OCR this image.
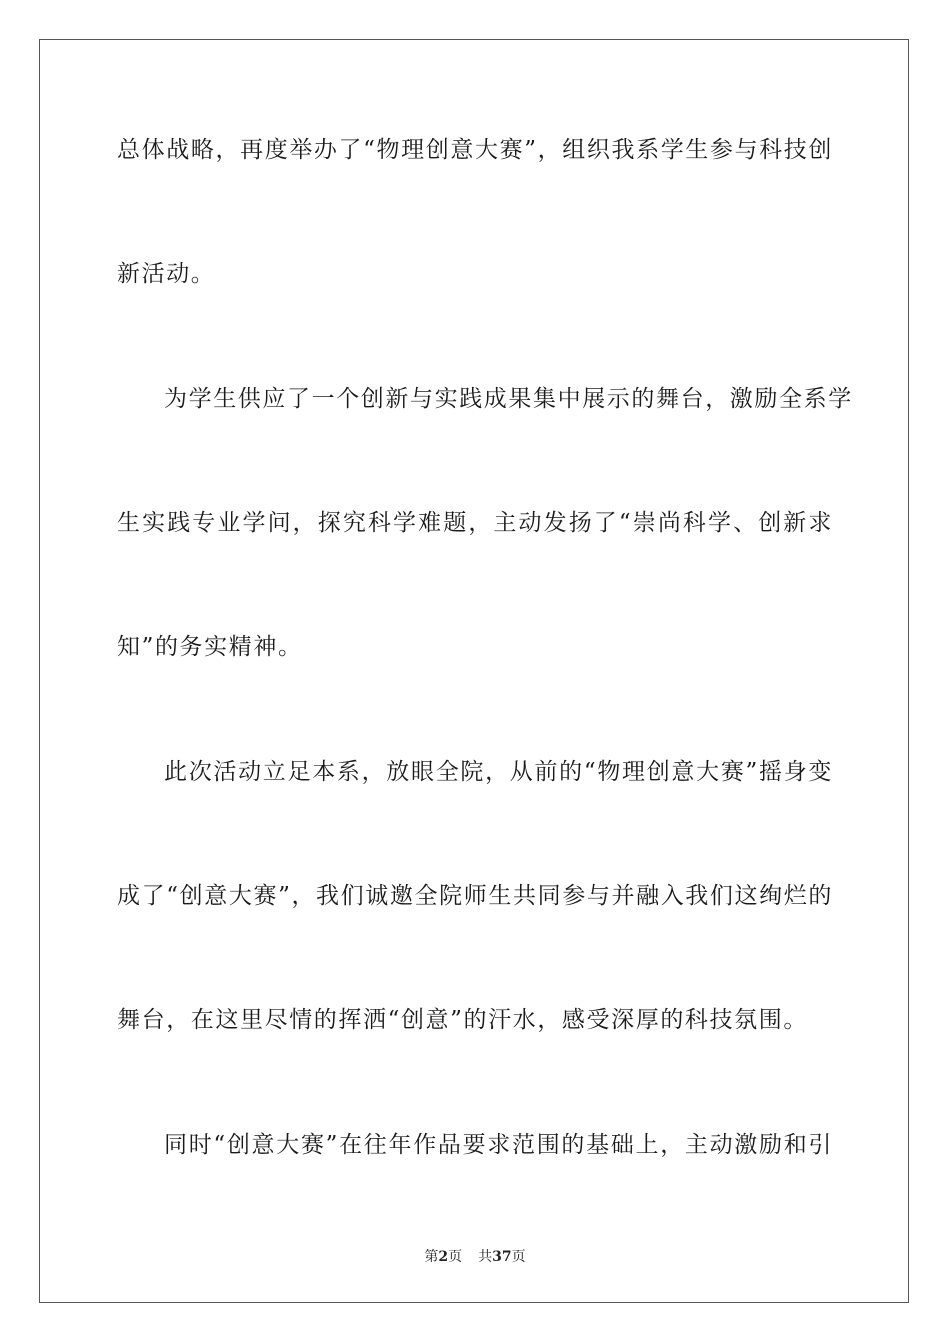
总体战略，再度举办了“物理创意大赛”，组织我系学生参与科技创
新活动。
为学生供应了一个创新与实践成果集中展示的舞台，激励全系学
生实践专业学问，探究科学难题，主动发扬了“崇尚科学、创新求
知”的务实精神。
此次活动立足本系，放眼全院，从前的“物理创意大赛”摇身变
成了“创意大赛”，我们诚邀全院师生共同参与并融入我们这绚烂的
舞台，在这里尽情的挥洒“创意”的汗水，感受深厚的科技氛围。
同时“创意大赛”在往年作品要求范围的基础上，主动激励和引
第2页 共37页
